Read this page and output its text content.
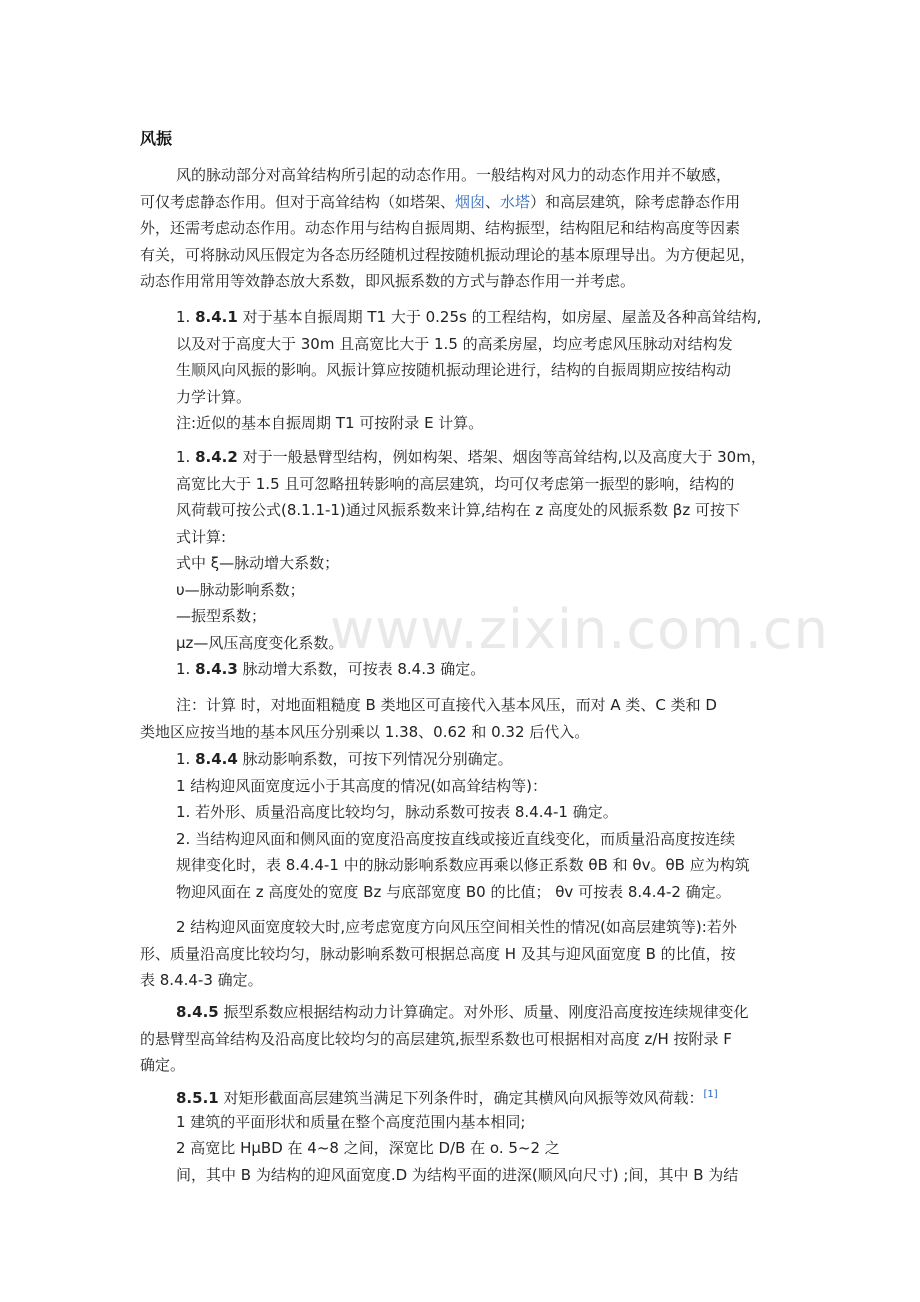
www.zixin.com.cn
风振
风的脉动部分对高耸结构所引起的动态作用。一般结构对风力的动态作用并不敏感，
可仅考虑静态作用。但对于高耸结构（如塔架、烟囱、水塔）和高层建筑，除考虑静态作用
外，还需考虑动态作用。动态作用与结构自振周期、结构振型，结构阻尼和结构高度等因素
有关，可将脉动风压假定为各态历经随机过程按随机振动理论的基本原理导出。为方便起见，
动态作用常用等效静态放大系数，即风振系数的方式与静态作用一并考虑。
1. 8.4.1 对于基本自振周期 T1 大于 0.25s 的工程结构，如房屋、屋盖及各种高耸结构,
以及对于高度大于 30m 且高宽比大于 1.5 的高柔房屋，均应考虑风压脉动对结构发
生顺风向风振的影响。风振计算应按随机振动理论进行，结构的自振周期应按结构动
力学计算。
注:近似的基本自振周期 T1 可按附录 E 计算。
1. 8.4.2 对于一般悬臂型结构，例如构架、塔架、烟囱等高耸结构,以及高度大于 30m，
高宽比大于 1.5 且可忽略扭转影响的高层建筑，均可仅考虑第一振型的影响，结构的
风荷载可按公式(8.1.1-1)通过风振系数来计算,结构在 z 高度处的风振系数 βz 可按下
式计算:
式中 ξ—脉动增大系数；
υ—脉动影响系数；
—振型系数；
μz—风压高度变化系数。
1. 8.4.3 脉动增大系数，可按表 8.4.3 确定。
注：计算 时，对地面粗糙度 B 类地区可直接代入基本风压，而对 A 类、C 类和 D
类地区应按当地的基本风压分别乘以 1.38、0.62 和 0.32 后代入。
1. 8.4.4 脉动影响系数，可按下列情况分别确定。
1 结构迎风面宽度远小于其高度的情况(如高耸结构等)：
1. 若外形、质量沿高度比较均匀，脉动系数可按表 8.4.4-1 确定。
2. 当结构迎风面和侧风面的宽度沿高度按直线或接近直线变化，而质量沿高度按连续
规律变化时，表 8.4.4-1 中的脉动影响系数应再乘以修正系数 θB 和 θv。θB 应为构筑
物迎风面在 z 高度处的宽度 Bz 与底部宽度 B0 的比值； θv 可按表 8.4.4-2 确定。
2 结构迎风面宽度较大时,应考虑宽度方向风压空间相关性的情况(如高层建筑等):若外
形、质量沿高度比较均匀，脉动影响系数可根据总高度 H 及其与迎风面宽度 B 的比值，按
表 8.4.4-3 确定。
8.4.5 振型系数应根据结构动力计算确定。对外形、质量、刚度沿高度按连续规律变化
的悬臂型高耸结构及沿高度比较均匀的高层建筑,振型系数也可根据相对高度 z/H 按附录 F
确定。
8.5.1 对矩形截面高层建筑当满足下列条件时，确定其横风向风振等效风荷载：[1]
1 建筑的平面形状和质量在整个高度范围内基本相同;
2 高宽比 HμBD 在 4~8 之间，深宽比 D/B 在 o. 5~2 之
间，其中 B 为结构的迎风面宽度.D 为结构平面的进深(顺风向尺寸) ;间，其中 B 为结
